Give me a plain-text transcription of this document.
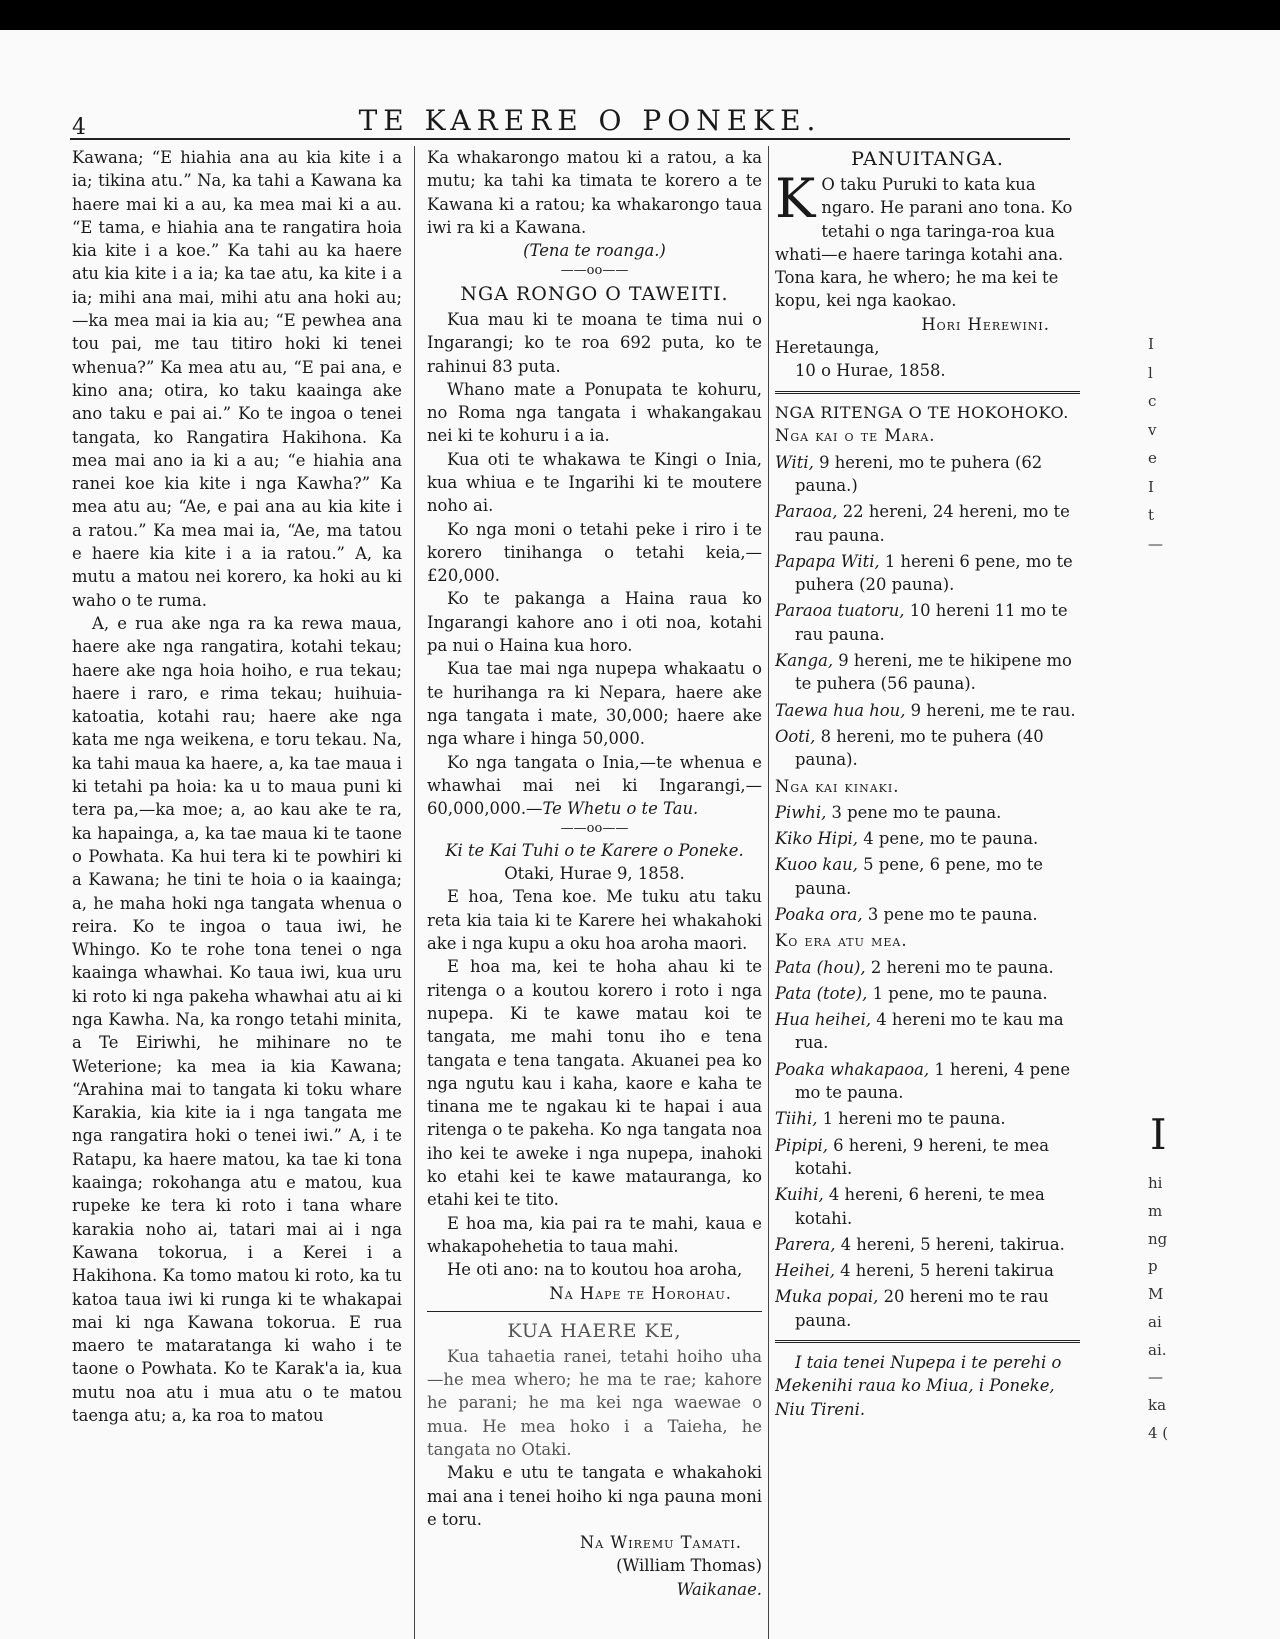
4	TE KARERE O PONEKE.

Kawana; “E hiahia ana au kia kite i a ia; tikina atu.” Na, ka tahi a Kawana ka haere mai ki a au, ka mea mai ki a au. “E tama, e hiahia ana te rangatira hoia kia kite i a koe.” Ka tahi au ka haere atu kia kite i a ia; ka tae atu, ka kite i a ia; mihi ana mai, mihi atu ana hoki au;—ka mea mai ia kia au; “E pewhea ana tou pai, me tau titiro hoki ki tenei whenua?” Ka mea atu au, “E pai ana, e kino ana; otira, ko taku kaainga ake ano taku e pai ai.” Ko te ingoa o tenei tangata, ko Rangatira Hakihona. Ka mea mai ano ia ki a au; “e hiahia ana ranei koe kia kite i nga Kawha?” Ka mea atu au; “Ae, e pai ana au kia kite i a ratou.” Ka mea mai ia, “Ae, ma tatou e haere kia kite i a ia ratou.” A, ka mutu a matou nei korero, ka hoki au ki waho o te ruma.

A, e rua ake nga ra ka rewa maua, haere ake nga rangatira, kotahi tekau; haere ake nga hoia hoiho, e rua tekau; haere i raro, e rima tekau; huihuia-katoatia, kotahi rau; haere ake nga kata me nga weikena, e toru tekau. Na, ka tahi maua ka haere, a, ka tae maua i ki tetahi pa hoia: ka u to maua puni ki tera pa,—ka moe; a, ao kau ake te ra, ka hapainga, a, ka tae maua ki te taone o Powhata. Ka hui tera ki te powhiri ki a Kawana; he tini te hoia o ia kaainga; a, he maha hoki nga tangata whenua o reira. Ko te ingoa o taua iwi, he Whingo. Ko te rohe tona tenei o nga kaainga whawhai. Ko taua iwi, kua uru ki roto ki nga pakeha whawhai atu ai ki nga Kawha. Na, ka rongo tetahi minita, a Te Eiriwhi, he mihinare no te Weterione; ka mea ia kia Kawana; “Arahina mai to tangata ki toku whare Karakia, kia kite ia i nga tangata me nga rangatira hoki o tenei iwi.” A, i te Ratapu, ka haere matou, ka tae ki tona kaainga; rokohanga atu e matou, kua rupeke ke tera ki roto i tana whare karakia noho ai, tatari mai ai i nga Kawana tokorua, i a Kerei i a Hakihona. Ka tomo matou ki roto, ka tu katoa taua iwi ki runga ki te whakapai mai ki nga Kawana tokorua. E rua maero te mataratanga ki waho i te taone o Powhata. Ko te Karak'a ia, kua mutu noa atu i mua atu o te matou taenga atu; a, ka roa to matou

Ka whakarongo matou ki a ratou, a ka mutu; ka tahi ka timata te korero a te Kawana ki a ratou; ka whakarongo taua iwi ra ki a Kawana.

(Tena te roanga.)

——oo——

NGA RONGO O TAWEITI.

Kua mau ki te moana te tima nui o Ingarangi; ko te roa 692 puta, ko te rahinui 83 puta.

Whano mate a Ponupata te kohuru, no Roma nga tangata i whakangakau nei ki te kohuru i a ia.

Kua oti te whakawa te Kingi o Inia, kua whiua e te Ingarihi ki te moutere noho ai.

Ko nga moni o tetahi peke i riro i te korero tinihanga o tetahi keia,—£20,000.

Ko te pakanga a Haina raua ko Ingarangi kahore ano i oti noa, kotahi pa nui o Haina kua horo.

Kua tae mai nga nupepa whakaatu o te hurihanga ra ki Nepara, haere ake nga tangata i mate, 30,000; haere ake nga whare i hinga 50,000.

Ko nga tangata o Inia,—te whenua e whawhai mai nei ki Ingarangi,—60,000,000.—Te Whetu o te Tau.

——oo——

Ki te Kai Tuhi o te Karere o Poneke.

Otaki, Hurae 9, 1858.

E hoa, Tena koe. Me tuku atu taku reta kia taia ki te Karere hei whakahoki ake i nga kupu a oku hoa aroha maori.

E hoa ma, kei te hoha ahau ki te ritenga o a koutou korero i roto i nga nupepa. Ki te kawe matau koi te tangata, me mahi tonu iho e tena tangata e tena tangata. Akuanei pea ko nga ngutu kau i kaha, kaore e kaha te tinana me te ngakau ki te hapai i aua ritenga o te pakeha. Ko nga tangata noa iho kei te aweke i nga nupepa, inahoki ko etahi kei te kawe matauranga, ko etahi kei te tito.

E hoa ma, kia pai ra te mahi, kaua e whakapohehetia to taua mahi.

He oti ano: na to koutou hoa aroha,

Na Hape te Horohau.

KUA HAERE KE,

Kua tahaetia ranei, tetahi hoiho uha —he mea whero; he ma te rae; kahore he parani; he ma kei nga waewae o mua. He mea hoko i a Taieha, he tangata no Otaki.

Maku e utu te tangata e whakahoki mai ana i tenei hoiho ki nga pauna moni e toru.

Na Wiremu Tamati.

(William Thomas)

Waikanae.

PANUITANGA.

K O taku Puruki to kata kua ngaro. He parani ano tona. Ko tetahi o nga taringa-roa kua whati—e haere taringa kotahi ana. Tona kara, he whero; he ma kei te kopu, kei nga kaokao.

Hori Herewini.

Heretaunga,

10 o Hurae, 1858.

NGA RITENGA O TE HOKOHOKO.

Nga kai o te Mara.

Witi, 9 hereni, mo te puhera (62 pauna.)

Paraoa, 22 hereni, 24 hereni, mo te rau pauna.

Papapa Witi, 1 hereni 6 pene, mo te puhera (20 pauna).

Paraoa tuatoru, 10 hereni 11 mo te rau pauna.

Kanga, 9 hereni, me te hikipene mo te puhera (56 pauna).

Taewa hua hou, 9 hereni, me te rau.

Ooti, 8 hereni, mo te puhera (40 pauna).

Nga kai kinaki.

Piwhi, 3 pene mo te pauna.

Kiko Hipi, 4 pene, mo te pauna.

Kuoo kau, 5 pene, 6 pene, mo te pauna.

Poaka ora, 3 pene mo te pauna.

Ko era atu mea.

Pata (hou), 2 hereni mo te pauna.

Pata (tote), 1 pene, mo te pauna.

Hua heihei, 4 hereni mo te kau ma rua.

Poaka whakapaoa, 1 hereni, 4 pene mo te pauna.

Tiihi, 1 hereni mo te pauna.

Pipipi, 6 hereni, 9 hereni, te mea kotahi.

Kuihi, 4 hereni, 6 hereni, te mea kotahi.

Parera, 4 hereni, 5 hereni, takirua.

Heihei, 4 hereni, 5 hereni takirua

Muka popai, 20 hereni mo te rau pauna.

I taia tenei Nupepa i te perehi o Mekenihi raua ko Miua, i Poneke, Niu Tireni.

I
l
c
v
e
I
t
—
I
hi
m
ng
p
M
ai
ai.
—
ka
4 (
